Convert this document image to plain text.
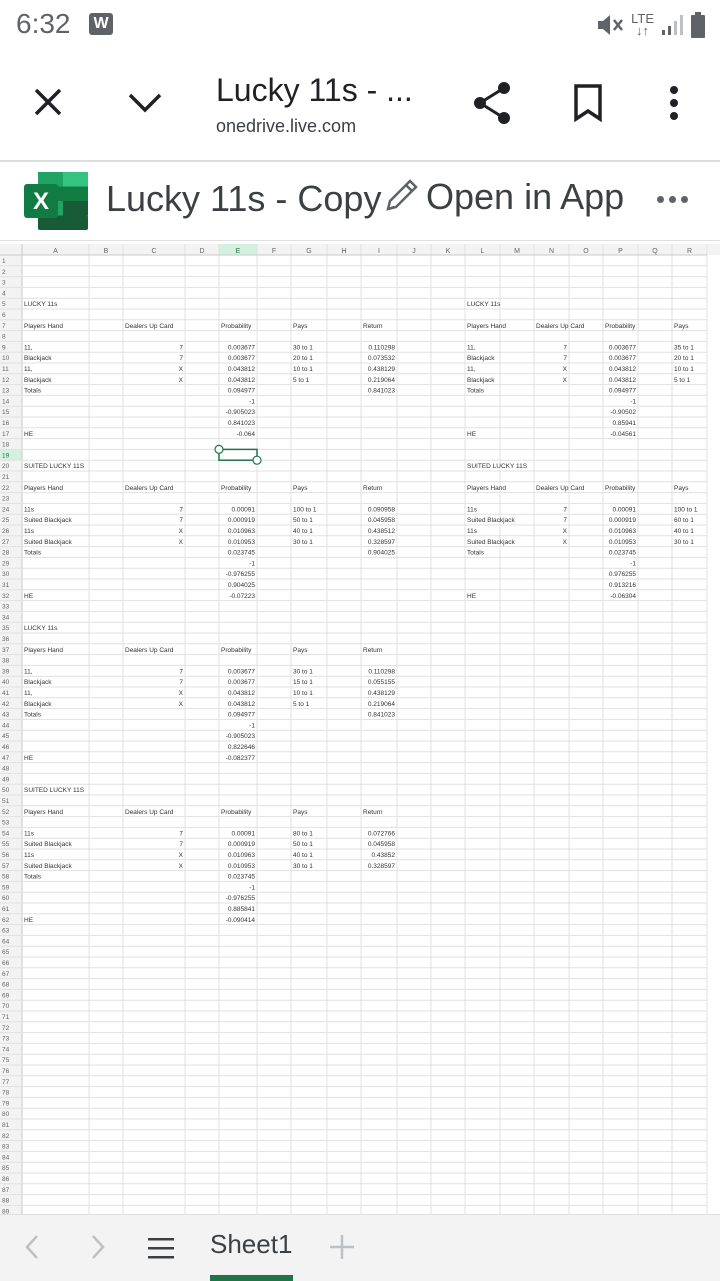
6:32 W	LTE
↓↑
Lucky 11s - ...
onedrive.live.com
X Lucky 11s - Copy Open in App
A	B	C	D	E	F	G	H	I	J	K	L	M	N	O	P	Q	R
1
2
3
4
5
6
7
8
9
10
11
12
13
14
15
16
17
18
19
20
21
22
23
24
25
26
27
28
29
30
31
32
33
34
35
36
37
38
39
40
41
42
43
44
45
46
47
48
49
50
51
52
53
54
55
56
57
58
59
60
61
62
63
64
65
66
67
68
69
70
71
72
73
74
75
76
77
78
79
80
81
82
83
84
85
86
87
88
89
LUCKY 11s
Players Hand	Dealers Up Card	Probability	Pays	Return
11,	7	0.003677	30 to 1	0.110298
Blackjack	7	0.003677	20 to 1	0.073532
11,	X	0.043812	10 to 1	0.438129
Blackjack	X	0.043812	5 to 1	0.219064
Totals	0.094977	0.841023
-1
-0.905023
0.841023
HE	-0.064
LUCKY 11s
Players Hand	Dealers Up Card	Probability	Pays
11,	7	0.003677	35 to 1
Blackjack	7	0.003677	20 to 1
11,	X	0.043812	10 to 1
Blackjack	X	0.043812	5 to 1
Totals	0.094977
-1
-0.90502
0.85941
HE	-0.04561
SUITED LUCKY 11S
Players Hand	Dealers Up Card	Probability	Pays	Return
11s	7	0.00091	100 to 1	0.090958
Suited Blackjack	7	0.000919	50 to 1	0.045958
11s	X	0.010963	40 to 1	0.438512
Suited Blackjack	X	0.010953	30 to 1	0.328597
Totals	0.023745	0.904025
-1
-0.976255
0.904025
HE	-0.07223
SUITED LUCKY 11S
Players Hand	Dealers Up Card	Probability	Pays
11s	7	0.00091	100 to 1
Suited Blackjack	7	0.000919	60 to 1
11s	X	0.010963	40 to 1
Suited Blackjack	X	0.010953	30 to 1
Totals	0.023745
-1
0.976255
0.913216
HE	-0.06304
LUCKY 11s
Players Hand	Dealers Up Card	Probability	Pays	Return
11,	7	0.003677	30 to 1	0.110298
Blackjack	7	0.003677	15 to 1	0.055155
11,	X	0.043812	10 to 1	0.438129
Blackjack	X	0.043812	5 to 1	0.219064
Totals	0.094977	0.841023
-1
-0.905023
0.822646
HE	-0.082377
SUITED LUCKY 11S
Players Hand	Dealers Up Card	Probability	Pays	Return
11s	7	0.00091	80 to 1	0.072766
Suited Blackjack	7	0.000919	50 to 1	0.045958
11s	X	0.010963	40 to 1	0.43852
Suited Blackjack	X	0.010953	30 to 1	0.328597
Totals	0.023745
-1
-0.976255
0.885841
HE	-0.090414
Sheet1
